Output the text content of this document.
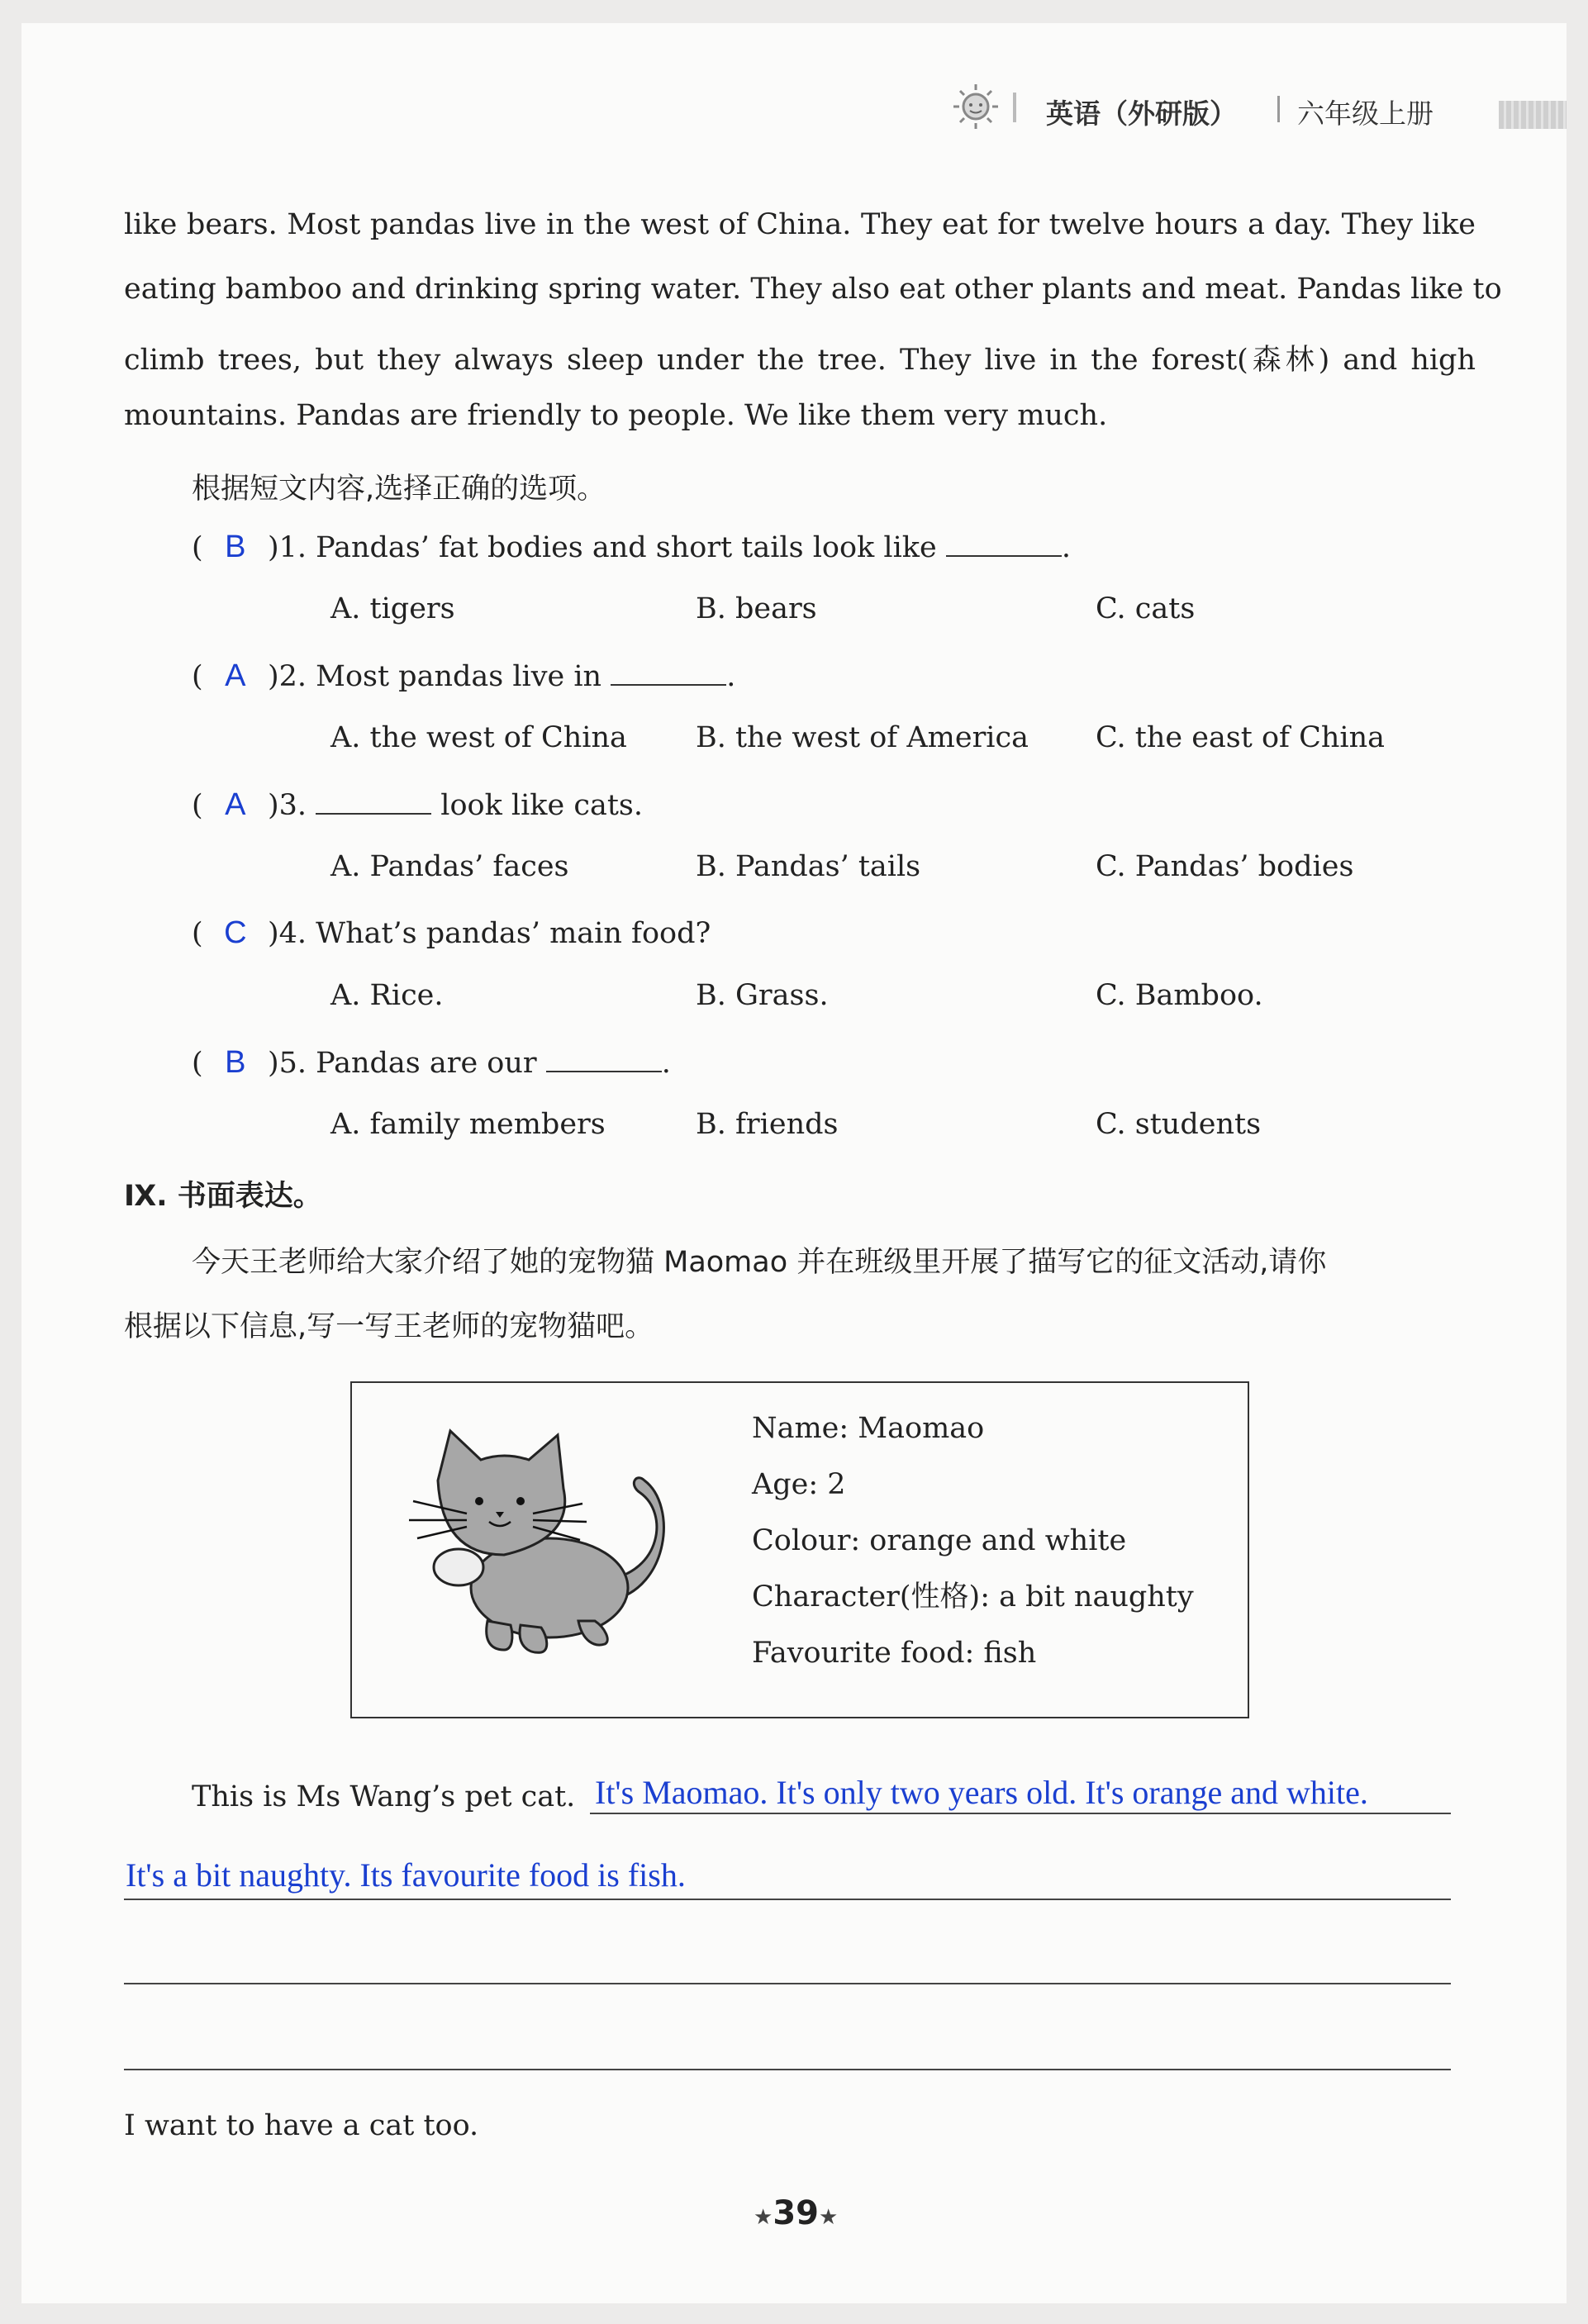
英语（外研版） 六年级上册
like bears. Most pandas live in the west of China. They eat for twelve hours a day. They like
eating bamboo and drinking spring water. They also eat other plants and meat. Pandas like to
climb trees, but they always sleep under the tree. They live in the forest(森林) and high
mountains. Pandas are friendly to people. We like them very much.
根据短文内容,选择正确的选项。
( B )1. Pandas’ fat bodies and short tails look like	.
A. tigers	B. bears	C. cats
( A )2. Most pandas live in	.
A. the west of China B. the west of America C. the east of China
( A )3.	look like cats.
A. Pandas’ faces	B. Pandas’ tails	C. Pandas’ bodies
( C )4. What’s pandas’ main food?
A. Rice.	B. Grass.	C. Bamboo.
( B )5. Pandas are our	.
A. family members	B. friends	C. students
Ⅸ. 书面表达。
今天王老师给大家介绍了她的宠物猫 Maomao 并在班级里开展了描写它的征文活动,请你
根据以下信息,写一写王老师的宠物猫吧。
Name: Maomao
Age: 2
Colour: orange and white
Character(性格): a bit naughty
Favourite food: fish
This is Ms Wang’s pet cat. It's Maomao. It's only two years old. It's orange and white.
It's a bit naughty. Its favourite food is fish.
I want to have a cat too.
★39★
